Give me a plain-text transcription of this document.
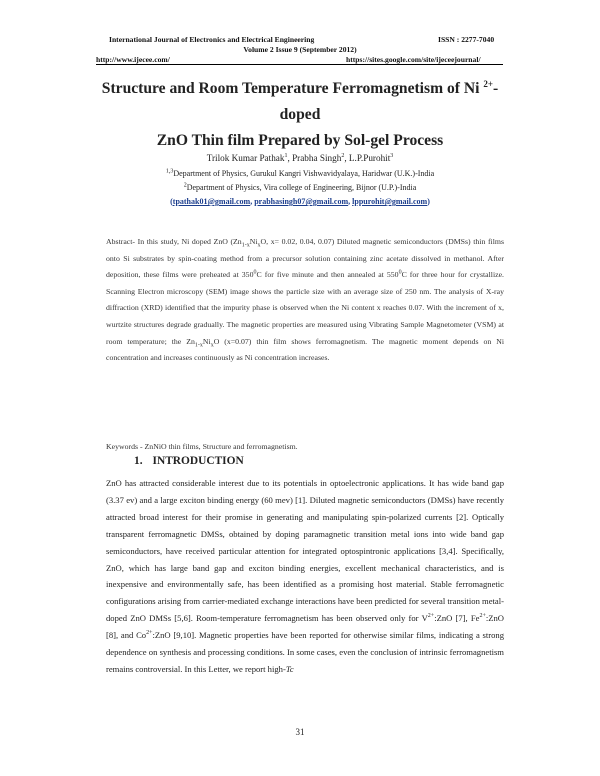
International Journal of Electronics and Electrical Engineering	ISSN : 2277-7040
Volume 2 Issue 9 (September 2012)
http://www.ijecee.com/	https://sites.google.com/site/ijeceejournal/
Structure and Room Temperature Ferromagnetism of Ni $^{2+}$- doped
ZnO Thin film Prepared by Sol-gel Process
Trilok Kumar Pathak$^1$, Prabha Singh$^2$, L.P.Purohit$^3$
$^{1,3}$Department of Physics, Gurukul Kangri Vishwavidyalaya, Haridwar (U.K.)-India
$^2$Department of Physics, Vira college of Engineering, Bijnor (U.P.)-India
(tpathak01@gmail.com, prabhasingh07@gmail.com, lppurohit@gmail.com)
Abstract- In this study, Ni doped ZnO ($Zn_{1-x}Ni_xO$, x= 0.02, 0.04, 0.07) Diluted magnetic semiconductors (DMSs) thin films onto Si substrates by spin-coating method from a precursor solution containing zinc acetate dissolved in methanol. After deposition, these films were preheated at $350^0C$ for five minute and then annealed at $550^0C$ for three hour for crystallize. Scanning Electron microscopy (SEM) image shows the particle size with an average size of 250 nm. The analysis of X-ray diffraction (XRD) identified that the impurity phase is observed when the Ni content x reaches 0.07. With the increment of x, wurtzite structures degrade gradually. The magnetic properties are measured using Vibrating Sample Magnetometer (VSM) at room temperature; the $Zn_{1-x}Ni_xO$ (x=0.07) thin film shows ferromagnetism. The magnetic moment depends on Ni concentration and increases continuously as Ni concentration increases.
Keywords - ZnNiO thin films, Structure and ferromagnetism.
1. INTRODUCTION
ZnO has attracted considerable interest due to its potentials in optoelectronic applications. It has wide band gap (3.37 ev) and a large exciton binding energy (60 mev) [1]. Diluted magnetic semiconductors (DMSs) have recently attracted broad interest for their promise in generating and manipulating spin-polarized currents [2]. Optically transparent ferromagnetic DMSs, obtained by doping paramagnetic transition metal ions into wide band gap semiconductors, have received particular attention for integrated optospintronic applications [3,4]. Specifically, ZnO, which has large band gap and exciton binding energies, excellent mechanical characteristics, and is inexpensive and environmentally safe, has been identified as a promising host material. Stable ferromagnetic configurations arising from carrier-mediated exchange interactions have been predicted for several transition metal- doped ZnO DMSs [5,6]. Room-temperature ferromagnetism has been observed only for $V^{2+}:ZnO$ [7], $Fe^{2+}:ZnO$ [8], and $Co^{2+}:ZnO$ [9,10]. Magnetic properties have been reported for otherwise similar films, indicating a strong dependence on synthesis and processing conditions. In some cases, even the conclusion of intrinsic ferromagnetism remains controversial. In this Letter, we report high-Tc
31
